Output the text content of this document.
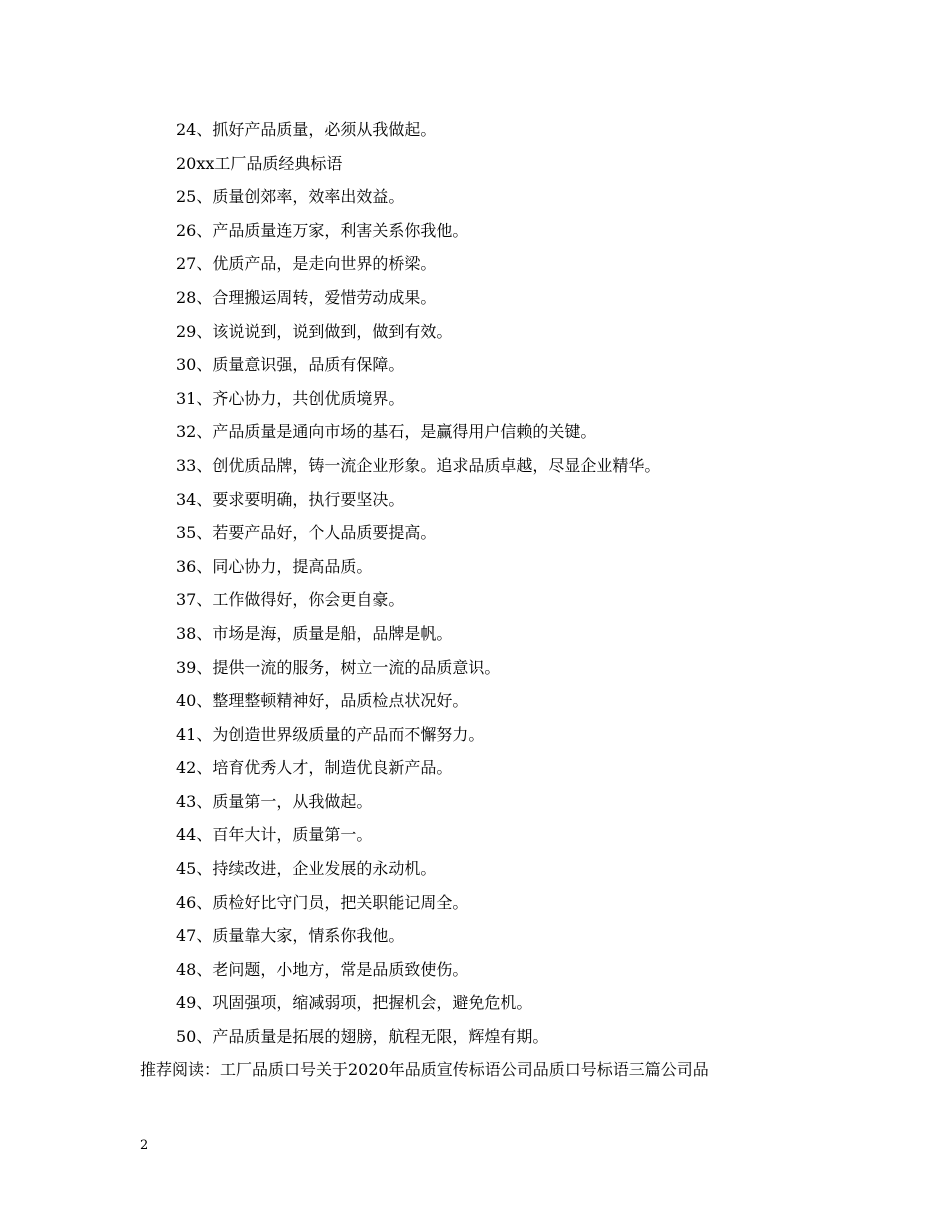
24、抓好产品质量，必须从我做起。
20xx工厂品质经典标语
25、质量创郊率，效率出效益。
26、产品质量连万家，利害关系你我他。
27、优质产品，是走向世界的桥梁。
28、合理搬运周转，爱惜劳动成果。
29、该说说到，说到做到，做到有效。
30、质量意识强，品质有保障。
31、齐心协力，共创优质境界。
32、产品质量是通向市场的基石，是赢得用户信赖的关键。
33、创优质品牌，铸一流企业形象。追求品质卓越，尽显企业精华。
34、要求要明确，执行要坚决。
35、若要产品好，个人品质要提高。
36、同心协力，提高品质。
37、工作做得好，你会更自豪。
38、市场是海，质量是船，品牌是帆。
39、提供一流的服务，树立一流的品质意识。
40、整理整顿精神好，品质检点状况好。
41、为创造世界级质量的产品而不懈努力。
42、培育优秀人才，制造优良新产品。
43、质量第一，从我做起。
44、百年大计，质量第一。
45、持续改进，企业发展的永动机。
46、质检好比守门员，把关职能记周全。
47、质量靠大家，情系你我他。
48、老问题，小地方，常是品质致使伤。
49、巩固强项，缩减弱项，把握机会，避免危机。
50、产品质量是拓展的翅膀，航程无限，辉煌有期。
推荐阅读：工厂品质口号关于2020年品质宣传标语公司品质口号标语三篇公司品
2
